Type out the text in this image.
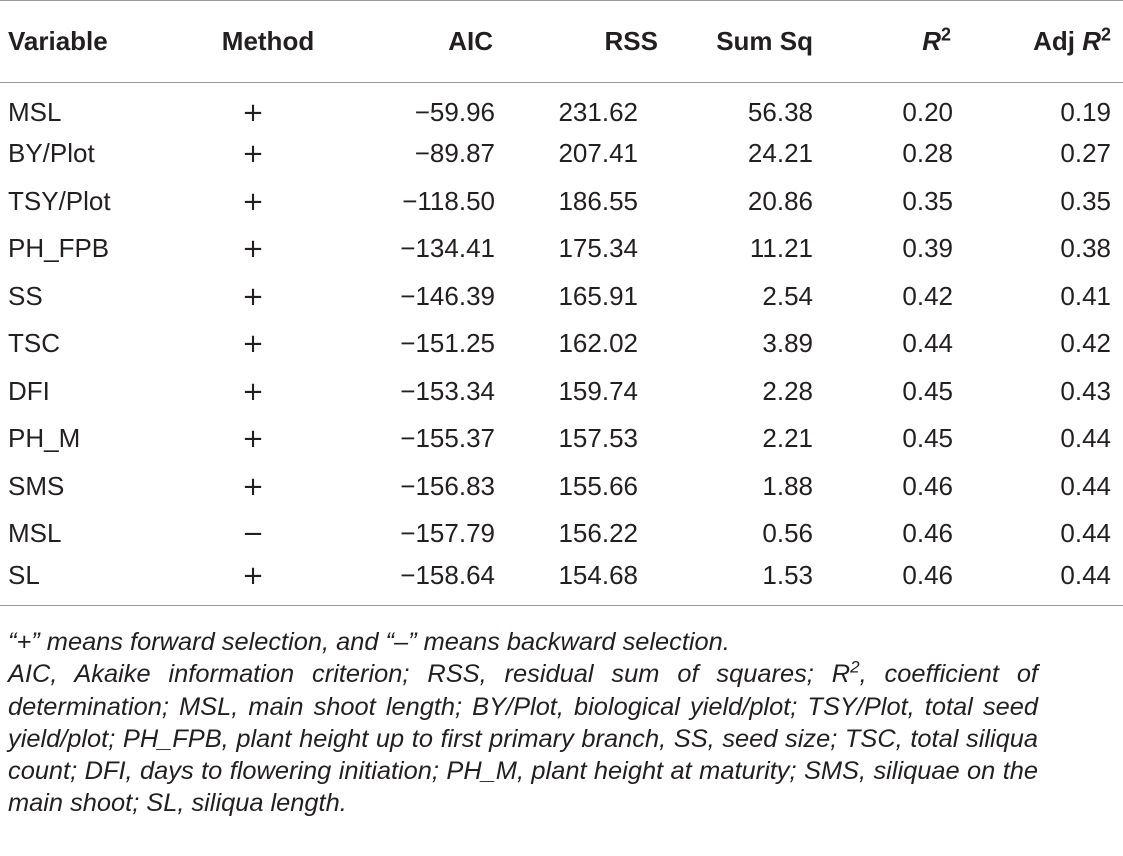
Variable	Method	AIC	RSS	Sum Sq	$R^2$	Adj $R^2$
MSL	+	−59.96	231.62	56.38	0.20	0.19
BY/Plot	+	−89.87	207.41	24.21	0.28	0.27
TSY/Plot	+	−118.50	186.55	20.86	0.35	0.35
PH_FPB	+	−134.41	175.34	11.21	0.39	0.38
SS	+	−146.39	165.91	2.54	0.42	0.41
TSC	+	−151.25	162.02	3.89	0.44	0.42
DFI	+	−153.34	159.74	2.28	0.45	0.43
PH_M	+	−155.37	157.53	2.21	0.45	0.44
SMS	+	−156.83	155.66	1.88	0.46	0.44
MSL	−	−157.79	156.22	0.56	0.46	0.44
SL	+	−158.64	154.68	1.53	0.46	0.44

“+” means forward selection, and “–” means backward selection.

AIC, Akaike information criterion; RSS, residual sum of squares; $R^2$, coefficient of determination; MSL, main shoot length; BY/Plot, biological yield/plot; TSY/Plot, total seed yield/plot; PH_FPB, plant height up to first primary branch, SS, seed size; TSC, total siliqua count; DFI, days to flowering initiation; PH_M, plant height at maturity; SMS, siliquae on the main shoot; SL, siliqua length.
